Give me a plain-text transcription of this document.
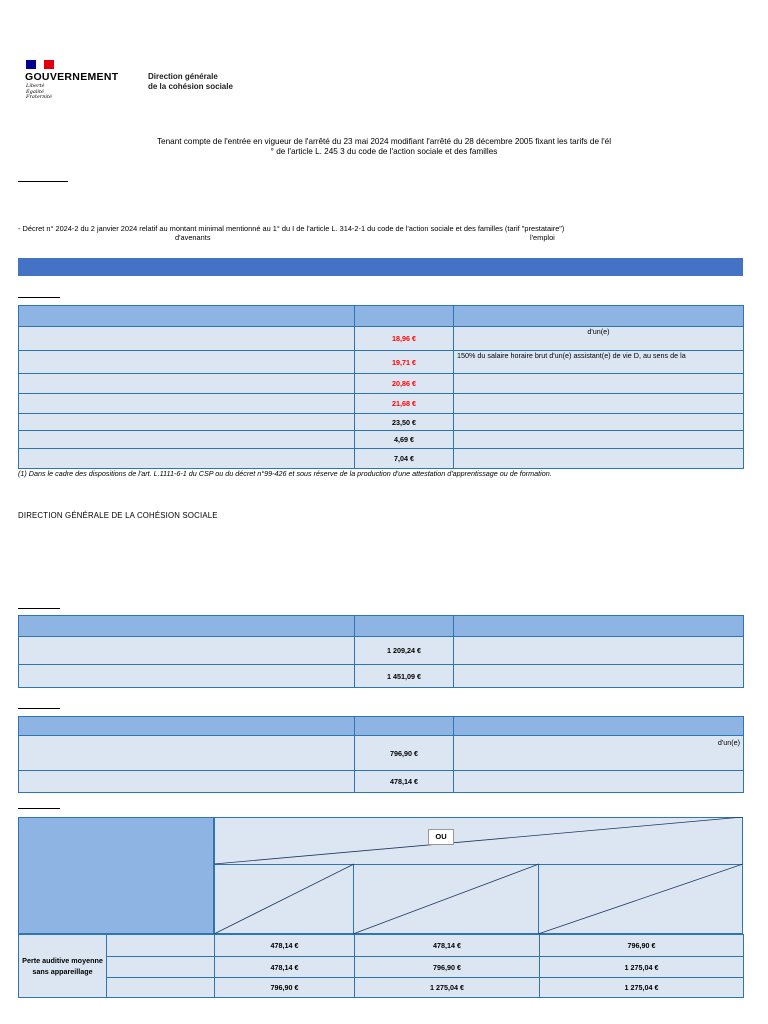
GOUVERNEMENT
Liberté
Égalité
Fraternité
Direction générale
de la cohésion sociale
Tenant compte de l'entrée en vigueur de l'arrêté du 23 mai 2024 modifiant l'arrêté du 28 décembre 2005 fixant les tarifs de l'él
° de l'article L. 245 3 du code de l'action sociale et des familles
- Décret n° 2024-2 du 2 janvier 2024 relatif au montant minimal mentionné au 1° du I de l'article L. 314-2-1 du code de l'action sociale et des familles (tarif "prestataire")
d'avenants	l'emploi

	18,96 €	d'un(e)
	19,71 €	150% du salaire horaire brut d'un(e) assistant(e) de vie D, au sens de la
	20,86 €	
	21,68 €	
	23,50 €	
	4,69 €	
	7,04 €	
(1) Dans le cadre des dispositions de l'art. L.1111-6-1 du CSP ou du décret n°99-426 et sous réserve de la production d'une attestation d'apprentissage ou de formation.
DIRECTION GÉNÉRALE DE LA COHÉSION SOCIALE

	1 209,24 €	
	1 451,09 €	

	796,90 €	d'un(e)
	478,14 €	
OU
Perte auditive moyenne sans appareillage		478,14 €	478,14 €	796,90 €
		478,14 €	796,90 €	1 275,04 €
		796,90 €	1 275,04 €	1 275,04 €
